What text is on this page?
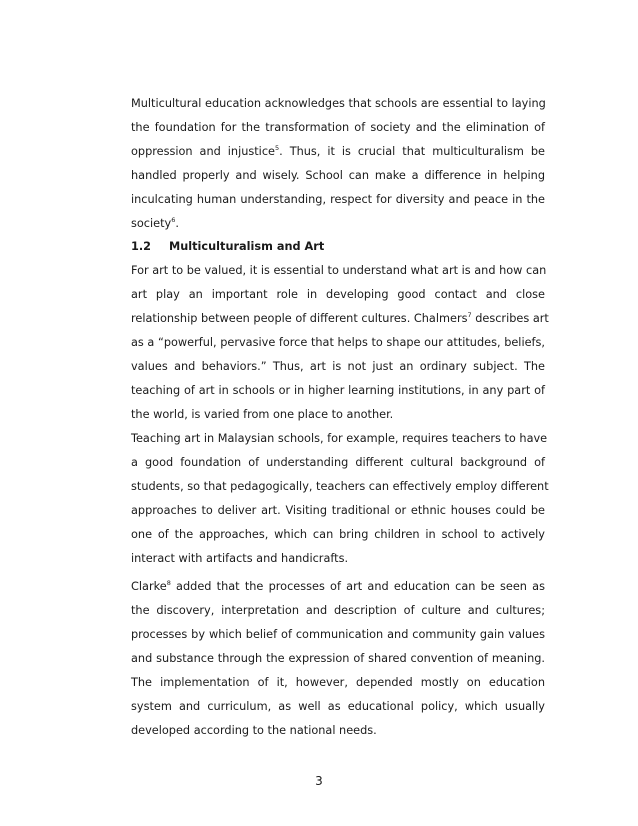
Multicultural education acknowledges that schools are essential to laying
the foundation for the transformation of society and the elimination of
oppression and injustice$^5$. Thus, it is crucial that multiculturalism be
handled properly and wisely. School can make a difference in helping
inculcating human understanding, respect for diversity and peace in the
society$^6$.
1.2 Multiculturalism and Art
For art to be valued, it is essential to understand what art is and how can
art play an important role in developing good contact and close
relationship between people of different cultures. Chalmers$^7$ describes art
as a “powerful, pervasive force that helps to shape our attitudes, beliefs,
values and behaviors.” Thus, art is not just an ordinary subject. The
teaching of art in schools or in higher learning institutions, in any part of
the world, is varied from one place to another.
Teaching art in Malaysian schools, for example, requires teachers to have
a good foundation of understanding different cultural background of
students, so that pedagogically, teachers can effectively employ different
approaches to deliver art. Visiting traditional or ethnic houses could be
one of the approaches, which can bring children in school to actively
interact with artifacts and handicrafts.
Clarke$^8$ added that the processes of art and education can be seen as
the discovery, interpretation and description of culture and cultures;
processes by which belief of communication and community gain values
and substance through the expression of shared convention of meaning.
The implementation of it, however, depended mostly on education
system and curriculum, as well as educational policy, which usually
developed according to the national needs.
3
